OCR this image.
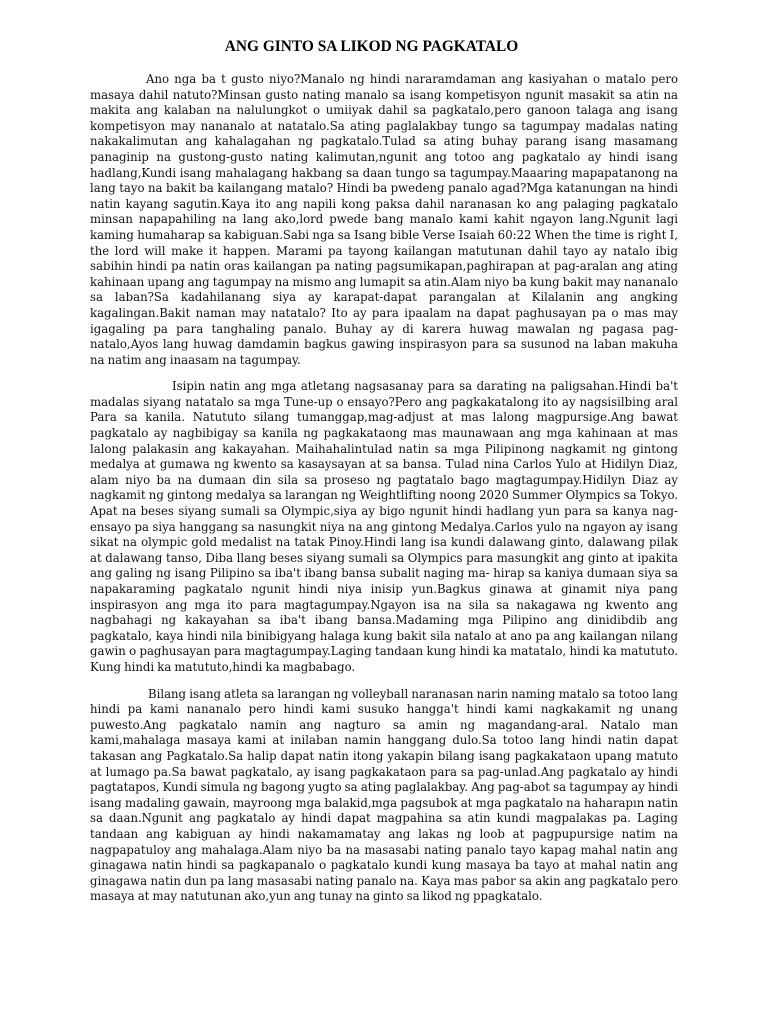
ANG GINTO SA LIKOD NG PAGKATALO

Ano nga ba t gusto niyo?Manalo ng hindi nararamdaman ang kasiyahan o matalo pero masaya dahil natuto?Minsan gusto nating manalo sa isang kompetisyon ngunit masakit sa atin na makita ang kalaban na nalulungkot o umiiyak dahil sa pagkatalo,pero ganoon talaga ang isang kompetisyon may nananalo at natatalo.Sa ating paglalakbay tungo sa tagumpay madalas nating nakakalimutan ang kahalagahan ng pagkatalo.Tulad sa ating buhay parang isang masamang panaginip na gustong-gusto nating kalimutan,ngunit ang totoo ang pagkatalo ay hindi isang hadlang,Kundi isang mahalagang hakbang sa daan tungo sa tagumpay.Maaaring mapapatanong na lang tayo na bakit ba kailangang matalo? Hindi ba pwedeng panalo agad?Mga katanungan na hindi natin kayang sagutin.Kaya ito ang napili kong paksa dahil naranasan ko ang palaging pagkatalo minsan napapahiling na lang ako,lord pwede bang manalo kami kahit ngayon lang.Ngunit lagi kaming humaharap sa kabiguan.Sabi nga sa Isang bible Verse Isaiah 60:22 When the time is right I, the lord will make it happen. Marami pa tayong kailangan matutunan dahil tayo ay natalo ibig sabihin hindi pa natin oras kailangan pa nating pagsumikapan,paghirapan at pag-aralan ang ating kahinaan upang ang tagumpay na mismo ang lumapit sa atin.Alam niyo ba kung bakit may nananalo sa laban?Sa kadahilanang siya ay karapat-dapat parangalan at Kilalanin ang angking kagalingan.Bakit naman may natatalo? Ito ay para ipaalam na dapat paghusayan pa o mas may igagaling pa para tanghaling panalo. Buhay ay di karera huwag mawalan ng pagasa pag-natalo,Ayos lang huwag damdamin bagkus gawing inspirasyon para sa susunod na laban makuha na natim ang inaasam na tagumpay.

Isipin natin ang mga atletang nagsasanay para sa darating na paligsahan.Hindi ba't madalas siyang natatalo sa mga Tune-up o ensayo?Pero ang pagkakatalong ito ay nagsisilbing aral Para sa kanila. Natututo silang tumanggap,mag-adjust at mas lalong magpursige.Ang bawat pagkatalo ay nagbibigay sa kanila ng pagkakataong mas maunawaan ang mga kahinaan at mas lalong palakasin ang kakayahan. Maihahalintulad natin sa mga Pilipinong nagkamit ng gintong medalya at gumawa ng kwento sa kasaysayan at sa bansa. Tulad nina Carlos Yulo at Hidilyn Diaz, alam niyo ba na dumaan din sila sa proseso ng pagtatalo bago magtagumpay.Hidilyn Diaz ay nagkamit ng gintong medalya sa larangan ng Weightlifting noong 2020 Summer Olympics sa Tokyo. Apat na beses siyang sumali sa Olympic,siya ay bigo ngunit hindi hadlang yun para sa kanya nag-ensayo pa siya hanggang sa nasungkit niya na ang gintong Medalya.Carlos yulo na ngayon ay isang sikat na olympic gold medalist na tatak Pinoy.Hindi lang isa kundi dalawang ginto, dalawang pilak at dalawang tanso, Diba llang beses siyang sumali sa Olympics para masungkit ang ginto at ipakita ang galing ng isang Pilipino sa iba't ibang bansa subalit naging ma- hirap sa kaniya dumaan siya sa napakaraming pagkatalo ngunit hindi niya inisip yun.Bagkus ginawa at ginamit niya pang inspirasyon ang mga ito para magtagumpay.Ngayon isa na sila sa nakagawa ng kwento ang nagbahagi ng kakayahan sa iba't ibang bansa.Madaming mga Pilipino ang dinidibdib ang pagkatalo, kaya hindi nila binibigyang halaga kung bakit sila natalo at ano pa ang kailangan nilang gawin o paghusayan para magtagumpay.Laging tandaan kung hindi ka matatalo, hindi ka matututo. Kung hindi ka matututo,hindi ka magbabago.

Bilang isang atleta sa larangan ng volleyball naranasan narin naming matalo sa totoo lang hindi pa kami nananalo pero hindi kami susuko hangga't hindi kami nagkakamit ng unang puwesto.Ang pagkatalo namin ang nagturo sa amin ng magandang-aral. Natalo man kami,mahalaga masaya kami at inilaban namin hanggang dulo.Sa totoo lang hindi natin dapat takasan ang Pagkatalo.Sa halip dapat natin itong yakapin bilang isang pagkakataon upang matuto at lumago pa.Sa bawat pagkatalo, ay isang pagkakataon para sa pag-unlad.Ang pagkatalo ay hindi pagtatapos, Kundi simula ng bagong yugto sa ating paglalakbay. Ang pag-abot sa tagumpay ay hindi isang madaling gawain, mayroong mga balakid,mga pagsubok at mga pagkatalo na haharapın natin sa daan.Ngunit ang pagkatalo ay hindi dapat magpahina sa atin kundi magpalakas pa. Laging tandaan ang kabiguan ay hindi nakamamatay ang lakas ng loob at pagpupursige natim na nagpapatuloy ang mahalaga.Alam niyo ba na masasabi nating panalo tayo kapag mahal natin ang ginagawa natin hindi sa pagkapanalo o pagkatalo kundi kung masaya ba tayo at mahal natin ang ginagawa natin dun pa lang masasabi nating panalo na. Kaya mas pabor sa akin ang pagkatalo pero masaya at may natutunan ako,yun ang tunay na ginto sa likod ng ppagkatalo.
